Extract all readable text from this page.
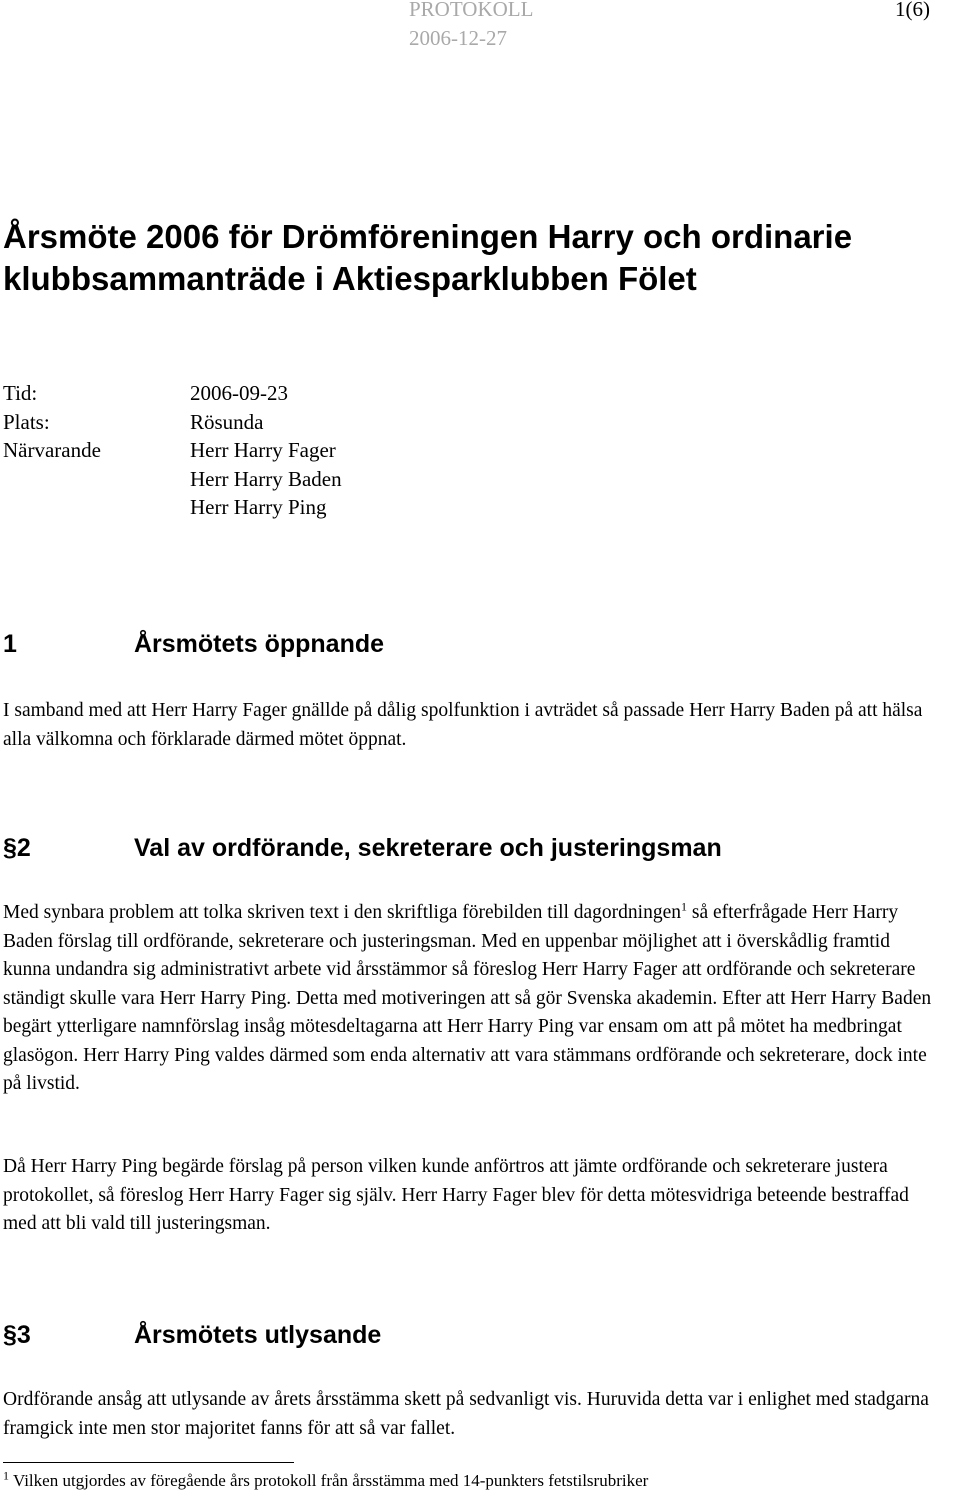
PROTOKOLL	1(6)
2006-12-27
Årsmöte 2006 för Drömföreningen Harry och ordinarie klubbsammanträde i Aktiesparklubben Fölet
Tid:	2006-09-23
Plats:	Rösunda
Närvarande	Herr Harry Fager
Herr Harry Baden
Herr Harry Ping
1	Årsmötets öppnande

I samband med att Herr Harry Fager gnällde på dålig spolfunktion i avträdet så passade Herr Harry Baden på att hälsa alla välkomna och förklarade därmed mötet öppnat.

§2	Val av ordförande, sekreterare och justeringsman

Med synbara problem att tolka skriven text i den skriftliga förebilden till dagordningen$^1$ så efterfrågade Herr Harry Baden förslag till ordförande, sekreterare och justeringsman. Med en uppenbar möjlighet att i överskådlig framtid kunna undandra sig administrativt arbete vid årsstämmor så föreslog Herr Harry Fager att ordförande och sekreterare ständigt skulle vara Herr Harry Ping. Detta med motiveringen att så gör Svenska akademin. Efter att Herr Harry Baden begärt ytterligare namnförslag insåg mötesdeltagarna att Herr Harry Ping var ensam om att på mötet ha medbringat glasögon. Herr Harry Ping valdes därmed som enda alternativ att vara stämmans ordförande och sekreterare, dock inte på livstid.

Då Herr Harry Ping begärde förslag på person vilken kunde anförtros att jämte ordförande och sekreterare justera protokollet, så föreslog Herr Harry Fager sig själv. Herr Harry Fager blev för detta mötesvidriga beteende bestraffad med att bli vald till justeringsman.

§3	Årsmötets utlysande

Ordförande ansåg att utlysande av årets årsstämma skett på sedvanligt vis. Huruvida detta var i enlighet med stadgarna framgick inte men stor majoritet fanns för att så var fallet.

$^1$ Vilken utgjordes av föregående års protokoll från årsstämma med 14-punkters fetstilsrubriker
